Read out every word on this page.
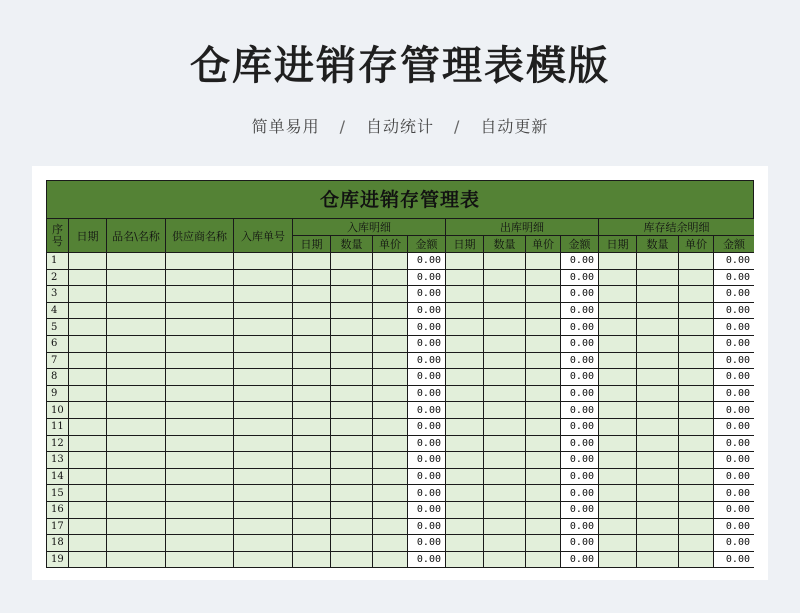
仓库进销存管理表模版
简单易用 / 自动统计 / 自动更新
仓库进销存管理表
序号	日期	品名\名称	供应商名称	入库单号	入库明细				出库明细				库存结余明细			
					日期	数量	单价	金额	日期	数量	单价	金额	日期	数量	单价	金额
1								0.00				0.00				0.00
2								0.00				0.00				0.00
3								0.00				0.00				0.00
4								0.00				0.00				0.00
5								0.00				0.00				0.00
6								0.00				0.00				0.00
7								0.00				0.00				0.00
8								0.00				0.00				0.00
9								0.00				0.00				0.00
10								0.00				0.00				0.00
11								0.00				0.00				0.00
12								0.00				0.00				0.00
13								0.00				0.00				0.00
14								0.00				0.00				0.00
15								0.00				0.00				0.00
16								0.00				0.00				0.00
17								0.00				0.00				0.00
18								0.00				0.00				0.00
19								0.00				0.00				0.00
